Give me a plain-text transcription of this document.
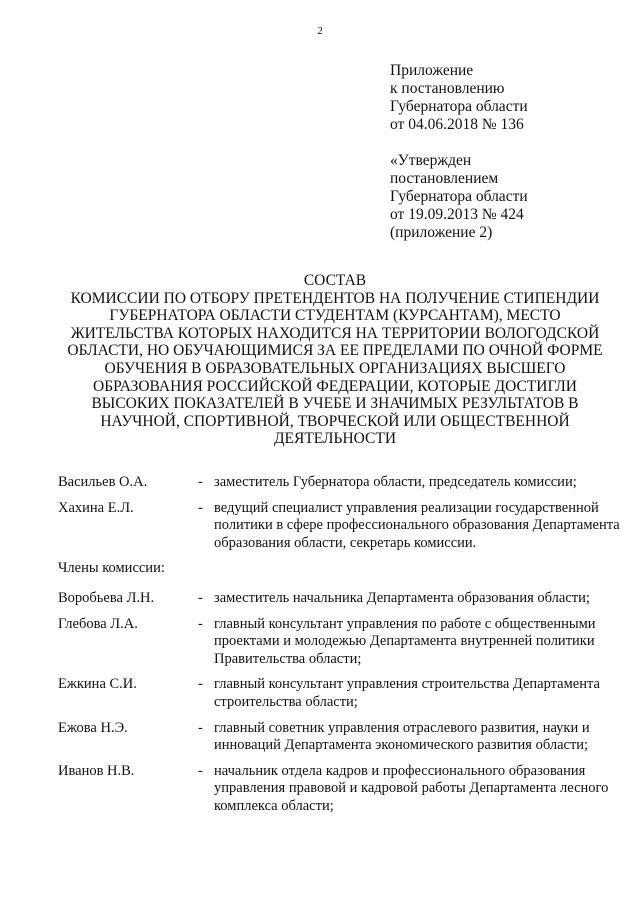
2
Приложение
к постановлению
Губернатора области
от 04.06.2018 № 136
«Утвержден
постановлением
Губернатора области
от 19.09.2013 № 424
(приложение 2)
СОСТАВ
КОМИССИИ ПО ОТБОРУ ПРЕТЕНДЕНТОВ НА ПОЛУЧЕНИЕ СТИПЕНДИИ
ГУБЕРНАТОРА ОБЛАСТИ СТУДЕНТАМ (КУРСАНТАМ), МЕСТО
ЖИТЕЛЬСТВА КОТОРЫХ НАХОДИТСЯ НА ТЕРРИТОРИИ ВОЛОГОДСКОЙ
ОБЛАСТИ, НО ОБУЧАЮЩИМИСЯ ЗА ЕЕ ПРЕДЕЛАМИ ПО ОЧНОЙ ФОРМЕ
ОБУЧЕНИЯ В ОБРАЗОВАТЕЛЬНЫХ ОРГАНИЗАЦИЯХ ВЫСШЕГО
ОБРАЗОВАНИЯ РОССИЙСКОЙ ФЕДЕРАЦИИ, КОТОРЫЕ ДОСТИГЛИ
ВЫСОКИХ ПОКАЗАТЕЛЕЙ В УЧЕБЕ И ЗНАЧИМЫХ РЕЗУЛЬТАТОВ В
НАУЧНОЙ, СПОРТИВНОЙ, ТВОРЧЕСКОЙ ИЛИ ОБЩЕСТВЕННОЙ
ДЕЯТЕЛЬНОСТИ
Васильев О.А.	- заместитель Губернатора области, председатель комиссии;
Хахина Е.Л.	- ведущий специалист управления реализации государственной политики в сфере профессионального образования Департамента образования области, секретарь комиссии.
Члены комиссии:
Воробьева Л.Н.	- заместитель начальника Департамента образования области;
Глебова Л.А.	- главный консультант управления по работе с общественными проектами и молодежью Департамента внутренней политики Правительства области;
Ежкина С.И.	- главный консультант управления строительства Департамента строительства области;
Ежова Н.Э.	- главный советник управления отраслевого развития, науки и инноваций Департамента экономического развития области;
Иванов Н.В.	- начальник отдела кадров и профессионального образования управления правовой и кадровой работы Департамента лесного комплекса области;
